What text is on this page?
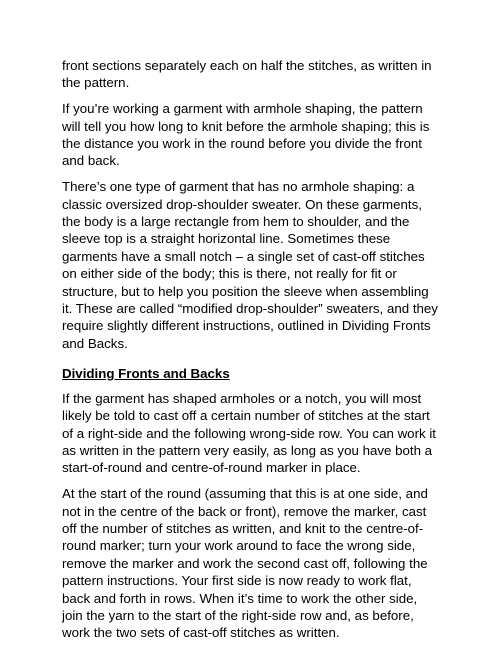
front sections separately each on half the stitches, as written in the pattern.

If you’re working a garment with armhole shaping, the pattern will tell you how long to knit before the armhole shaping; this is the distance you work in the round before you divide the front and back.

There’s one type of garment that has no armhole shaping: a classic oversized drop-shoulder sweater. On these garments, the body is a large rectangle from hem to shoulder, and the sleeve top is a straight horizontal line. Sometimes these garments have a small notch – a single set of cast-off stitches on either side of the body; this is there, not really for fit or structure, but to help you position the sleeve when assembling it. These are called “modified drop-shoulder” sweaters, and they require slightly different instructions, outlined in Dividing Fronts and Backs.

Dividing Fronts and Backs

If the garment has shaped armholes or a notch, you will most likely be told to cast off a certain number of stitches at the start of a right-side and the following wrong-side row. You can work it as written in the pattern very easily, as long as you have both a start-of-round and centre-of-round marker in place.

At the start of the round (assuming that this is at one side, and not in the centre of the back or front), remove the marker, cast off the number of stitches as written, and knit to the centre-of-round marker; turn your work around to face the wrong side, remove the marker and work the second cast off, following the pattern instructions. Your first side is now ready to work flat, back and forth in rows. When it’s time to work the other side, join the yarn to the start of the right-side row and, as before, work the two sets of cast-off stitches as written.
